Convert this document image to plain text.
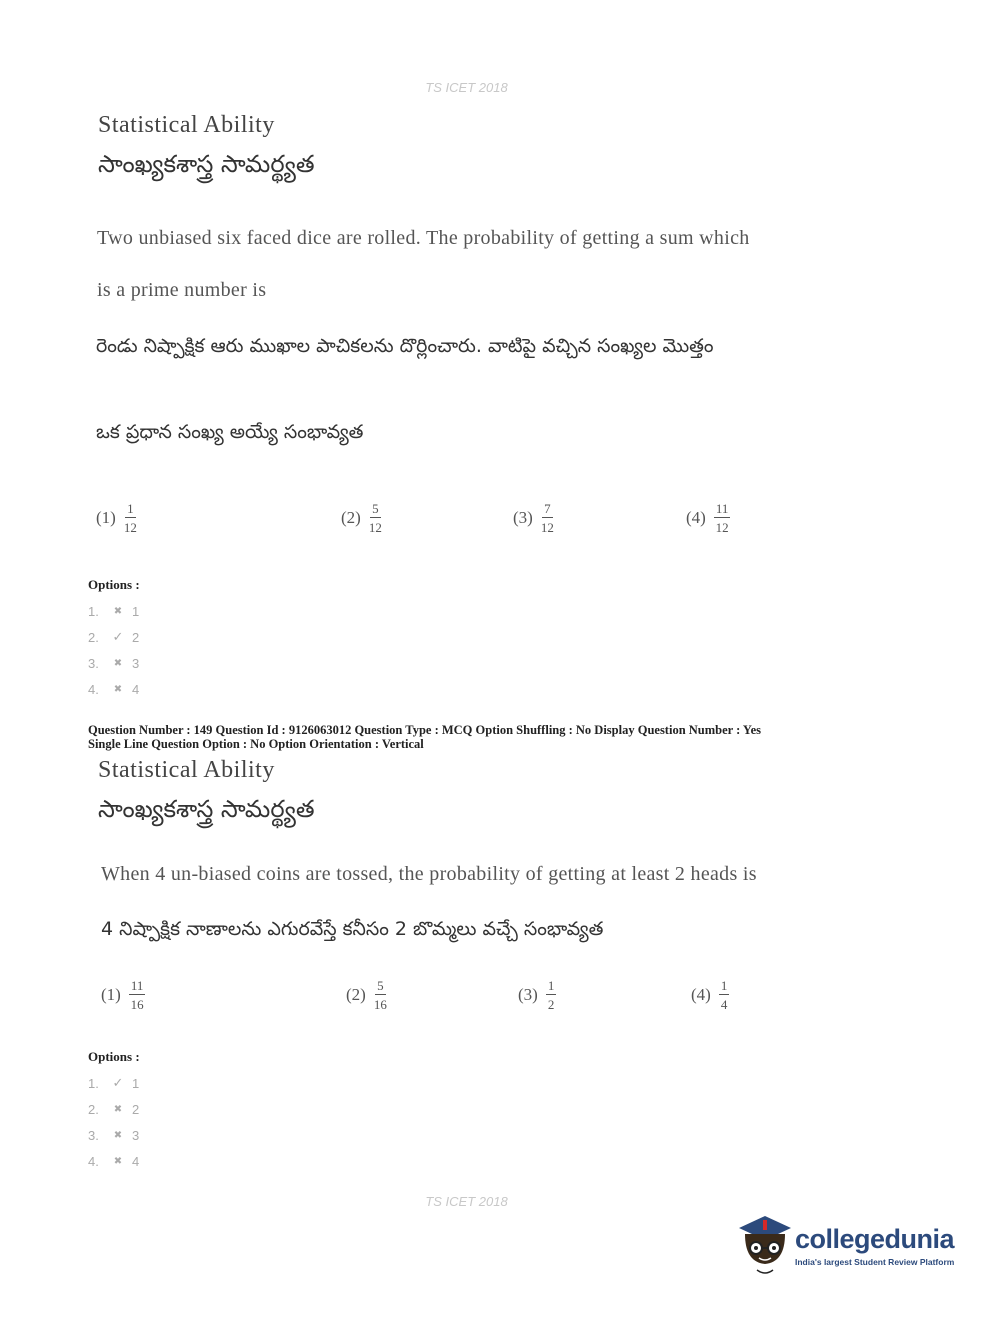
TS ICET 2018
Statistical Ability
సాంఖ్యకశాస్త్ర సామర్థ్యత
Two unbiased six faced dice are rolled. The probability of getting a sum which
is a prime number is
రెండు నిష్పాక్షిక ఆరు ముఖాల పాచికలను దొర్లించారు. వాటిపై వచ్చిన సంఖ్యల మొత్తం
ఒక ప్రధాన సంఖ్య అయ్యే సంభావ్యత
$(1) \frac{1}{12}$	$(2) \frac{5}{12}$	$(3) \frac{7}{12}$	$(4) \frac{11}{12}$
Options :
1.	✖ 1
2.	✓ 2
3.	✖ 3
4.	✖ 4
Question Number : 149 Question Id : 9126063012 Question Type : MCQ Option Shuffling : No Display Question Number : Yes
Single Line Question Option : No Option Orientation : Vertical
Statistical Ability
సాంఖ్యకశాస్త్ర సామర్థ్యత
When 4 un-biased coins are tossed, the probability of getting at least 2 heads is
4 నిష్పాక్షిక నాణాలను ఎగురవేస్తే కనీసం 2 బొమ్మలు వచ్చే సంభావ్యత
$(1) \frac{11}{16}$	$(2) \frac{5}{16}$	$(3) \frac{1}{2}$	$(4) \frac{1}{4}$
Options :
1.	✓ 1
2.	✖ 2
3.	✖ 3
4.	✖ 4
TS ICET 2018
collegedunia
India's largest Student Review Platform
